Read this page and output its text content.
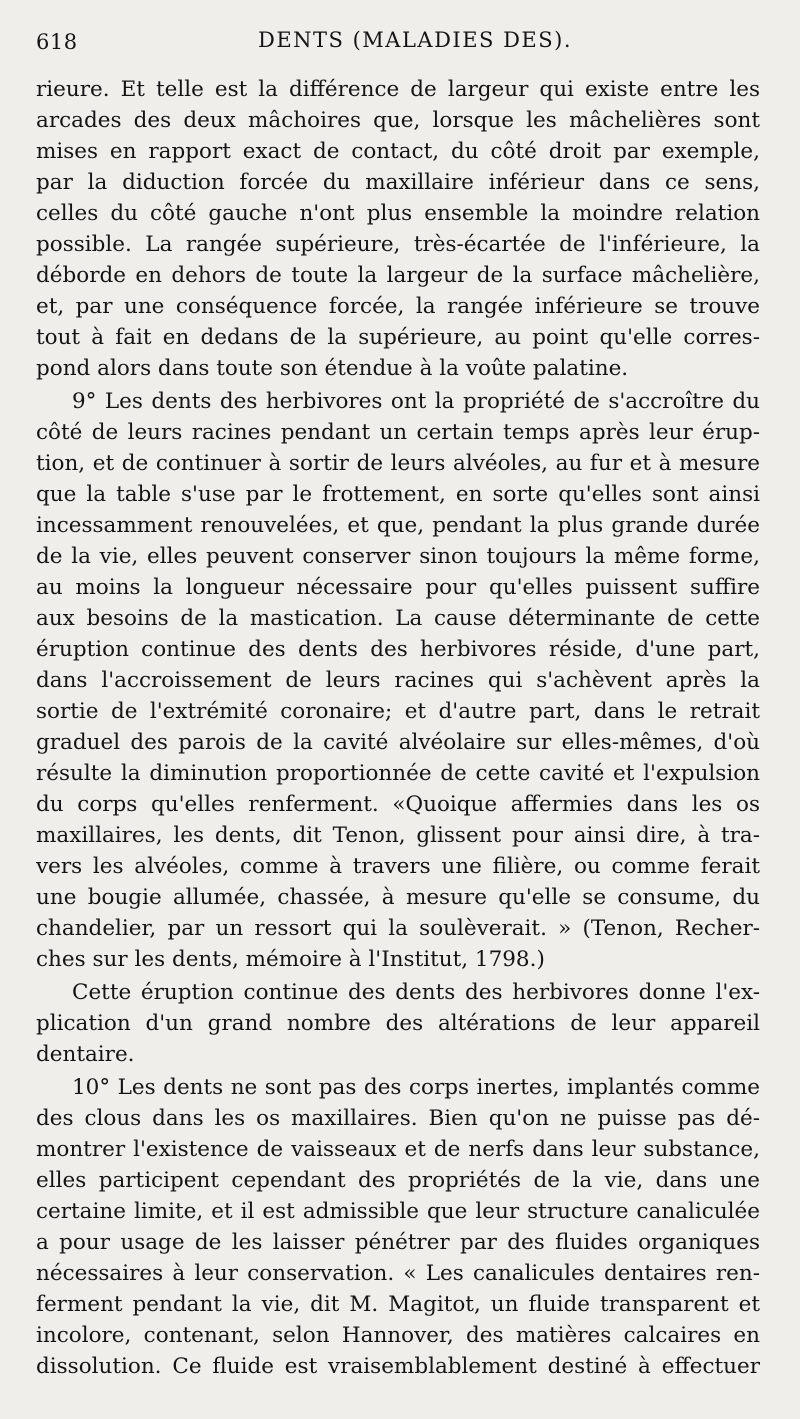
618	DENTS (MALADIES DES).
rieure. Et telle est la différence de largeur qui existe entre les
arcades des deux mâchoires que, lorsque les mâchelières sont
mises en rapport exact de contact, du côté droit par exemple,
par la diduction forcée du maxillaire inférieur dans ce sens,
celles du côté gauche n'ont plus ensemble la moindre relation
possible. La rangée supérieure, très-écartée de l'inférieure, la
déborde en dehors de toute la largeur de la surface mâchelière,
et, par une conséquence forcée, la rangée inférieure se trouve
tout à fait en dedans de la supérieure, au point qu'elle corres-
pond alors dans toute son étendue à la voûte palatine.
9° Les dents des herbivores ont la propriété de s'accroître du
côté de leurs racines pendant un certain temps après leur érup-
tion, et de continuer à sortir de leurs alvéoles, au fur et à mesure
que la table s'use par le frottement, en sorte qu'elles sont ainsi
incessamment renouvelées, et que, pendant la plus grande durée
de la vie, elles peuvent conserver sinon toujours la même forme,
au moins la longueur nécessaire pour qu'elles puissent suffire
aux besoins de la mastication. La cause déterminante de cette
éruption continue des dents des herbivores réside, d'une part,
dans l'accroissement de leurs racines qui s'achèvent après la
sortie de l'extrémité coronaire; et d'autre part, dans le retrait
graduel des parois de la cavité alvéolaire sur elles-mêmes, d'où
résulte la diminution proportionnée de cette cavité et l'expulsion
du corps qu'elles renferment. «Quoique affermies dans les os
maxillaires, les dents, dit Tenon, glissent pour ainsi dire, à tra-
vers les alvéoles, comme à travers une filière, ou comme ferait
une bougie allumée, chassée, à mesure qu'elle se consume, du
chandelier, par un ressort qui la soulèverait. » (Tenon, Recher-
ches sur les dents, mémoire à l'Institut, 1798.)
Cette éruption continue des dents des herbivores donne l'ex-
plication d'un grand nombre des altérations de leur appareil
dentaire.
10° Les dents ne sont pas des corps inertes, implantés comme
des clous dans les os maxillaires. Bien qu'on ne puisse pas dé-
montrer l'existence de vaisseaux et de nerfs dans leur substance,
elles participent cependant des propriétés de la vie, dans une
certaine limite, et il est admissible que leur structure canaliculée
a pour usage de les laisser pénétrer par des fluides organiques
nécessaires à leur conservation. « Les canalicules dentaires ren-
ferment pendant la vie, dit M. Magitot, un fluide transparent et
incolore, contenant, selon Hannover, des matières calcaires en
dissolution. Ce fluide est vraisemblablement destiné à effectuer
